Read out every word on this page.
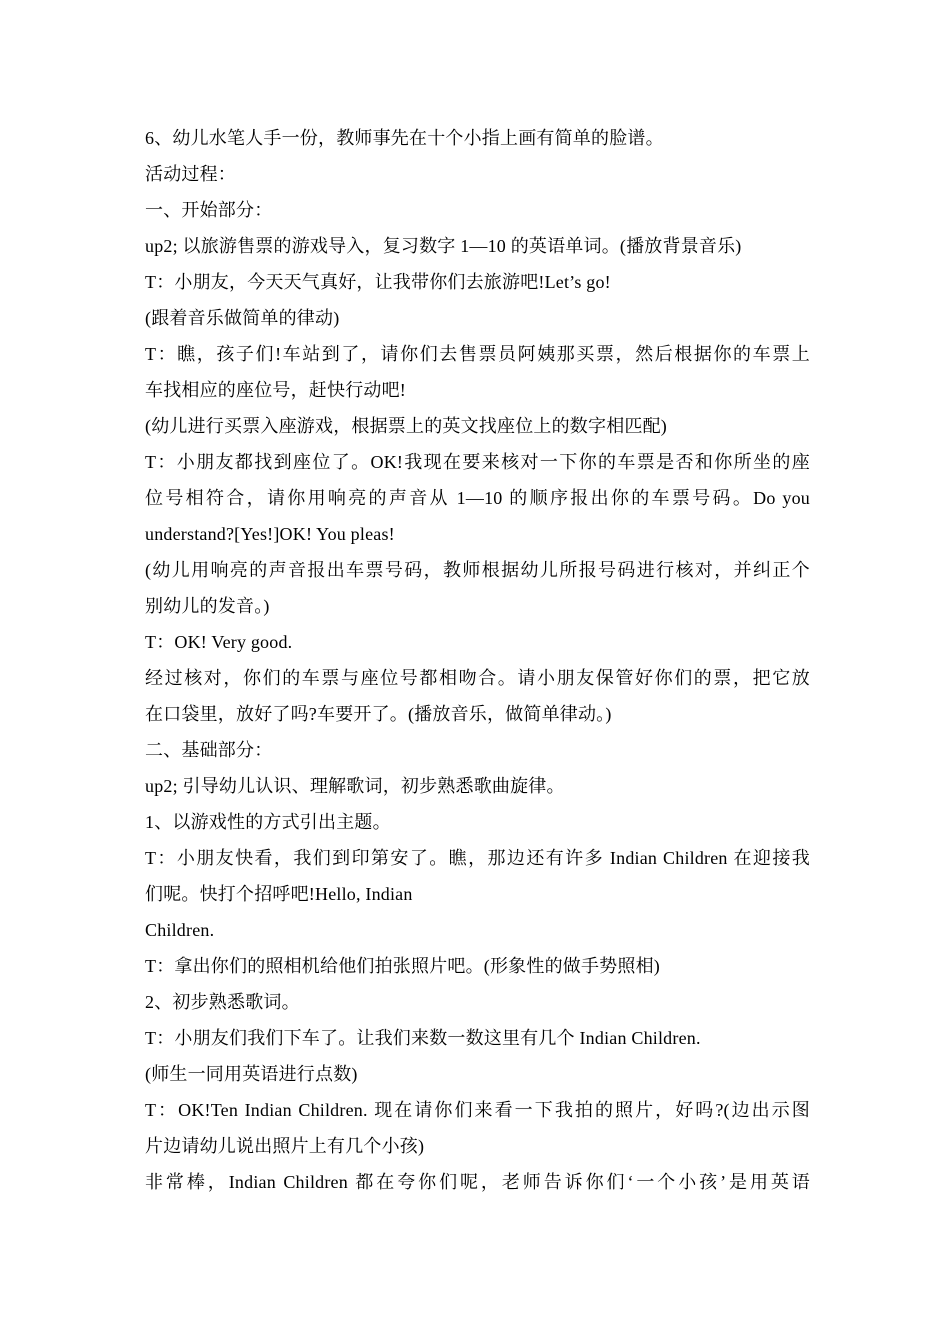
6、幼儿水笔人手一份，教师事先在十个小指上画有简单的脸谱。
活动过程：
一、开始部分：
up2; 以旅游售票的游戏导入，复习数字 1—10 的英语单词。(播放背景音乐)
T：小朋友，今天天气真好，让我带你们去旅游吧!Let’s go!
(跟着音乐做简单的律动)
T：瞧，孩子们!车站到了，请你们去售票员阿姨那买票，然后根据你的车票上
车找相应的座位号，赶快行动吧!
(幼儿进行买票入座游戏，根据票上的英文找座位上的数字相匹配)
T：小朋友都找到座位了。OK!我现在要来核对一下你的车票是否和你所坐的座
位号相符合，请你用响亮的声音从 1—10 的顺序报出你的车票号码。Do you
understand?[Yes!]OK! You pleas!
(幼儿用响亮的声音报出车票号码，教师根据幼儿所报号码进行核对，并纠正个
别幼儿的发音。)
T：OK! Very good.
经过核对，你们的车票与座位号都相吻合。请小朋友保管好你们的票，把它放
在口袋里，放好了吗?车要开了。(播放音乐，做简单律动。)
二、基础部分：
up2; 引导幼儿认识、理解歌词，初步熟悉歌曲旋律。
1、以游戏性的方式引出主题。
T：小朋友快看，我们到印第安了。瞧，那边还有许多 Indian Children 在迎接我
们呢。快打个招呼吧!Hello, Indian
Children.
T：拿出你们的照相机给他们拍张照片吧。(形象性的做手势照相)
2、初步熟悉歌词。
T：小朋友们我们下车了。让我们来数一数这里有几个 Indian Children.
(师生一同用英语进行点数)
T：OK!Ten Indian Children. 现在请你们来看一下我拍的照片，好吗?(边出示图
片边请幼儿说出照片上有几个小孩)
非常棒，Indian Children 都在夸你们呢，老师告诉你们‘一个小孩’是用英语
